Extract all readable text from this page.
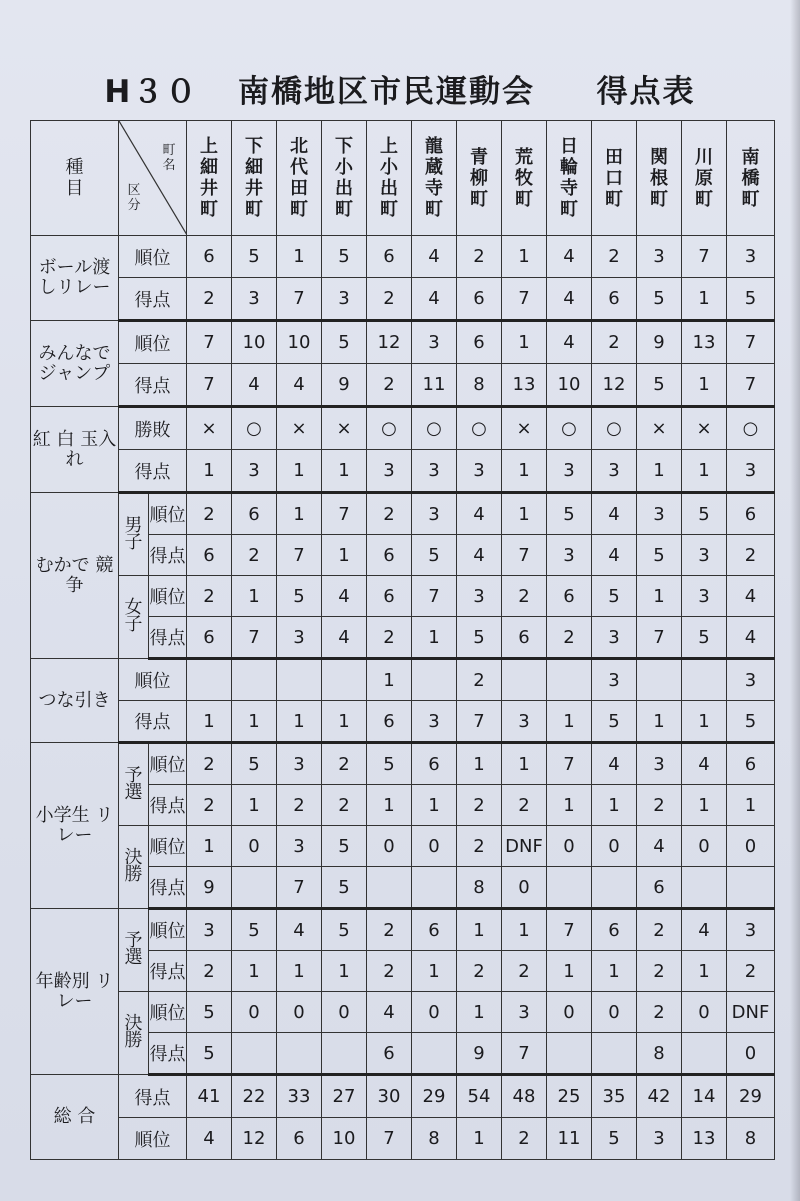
H３０ 南橋地区市民運動会 得点表
種目	町名
区分		上細井町	下細井町	北代田町	下小出町	上小出町	龍蔵寺町	青柳町	荒牧町	日輪寺町	田口町	関根町	川原町	南橋町
ボール渡しリレー	順位		6	5	1	5	6	4	2	1	4	2	3	7	3
	得点		2	3	7	3	2	4	6	7	4	6	5	1	5
みんなでジャンプ	順位		7	10	10	5	12	3	6	1	4	2	9	13	7
	得点		7	4	4	9	2	11	8	13	10	12	5	1	7
紅 白 玉入れ	勝敗		×	○	×	×	○	○	○	×	○	○	×	×	○
	得点		1	3	1	1	3	3	3	1	3	3	1	1	3
むかで 競 争	男子	順位	2	6	1	7	2	3	4	1	5	4	3	5	6
		得点	6	2	7	1	6	5	4	7	3	4	5	3	2
	女子	順位	2	1	5	4	6	7	3	2	6	5	1	3	4
		得点	6	7	3	4	2	1	5	6	2	3	7	5	4
つな引き	順位						1		2			3			3
	得点		1	1	1	1	6	3	7	3	1	5	1	1	5
小学生 リレー	予選	順位	2	5	3	2	5	6	1	1	7	4	3	4	6
		得点	2	1	2	2	1	1	2	2	1	1	2	1	1
	決勝	順位	1	0	3	5	0	0	2	DNF	0	0	4	0	0
		得点	9		7	5			8	0			6		
年齢別 リレー	予選	順位	3	5	4	5	2	6	1	1	7	6	2	4	3
		得点	2	1	1	1	2	1	2	2	1	1	2	1	2
	決勝	順位	5	0	0	0	4	0	1	3	0	0	2	0	DNF
		得点	5				6		9	7			8		0
総 合	得点		41	22	33	27	30	29	54	48	25	35	42	14	29
	順位		4	12	6	10	7	8	1	2	11	5	3	13	8
